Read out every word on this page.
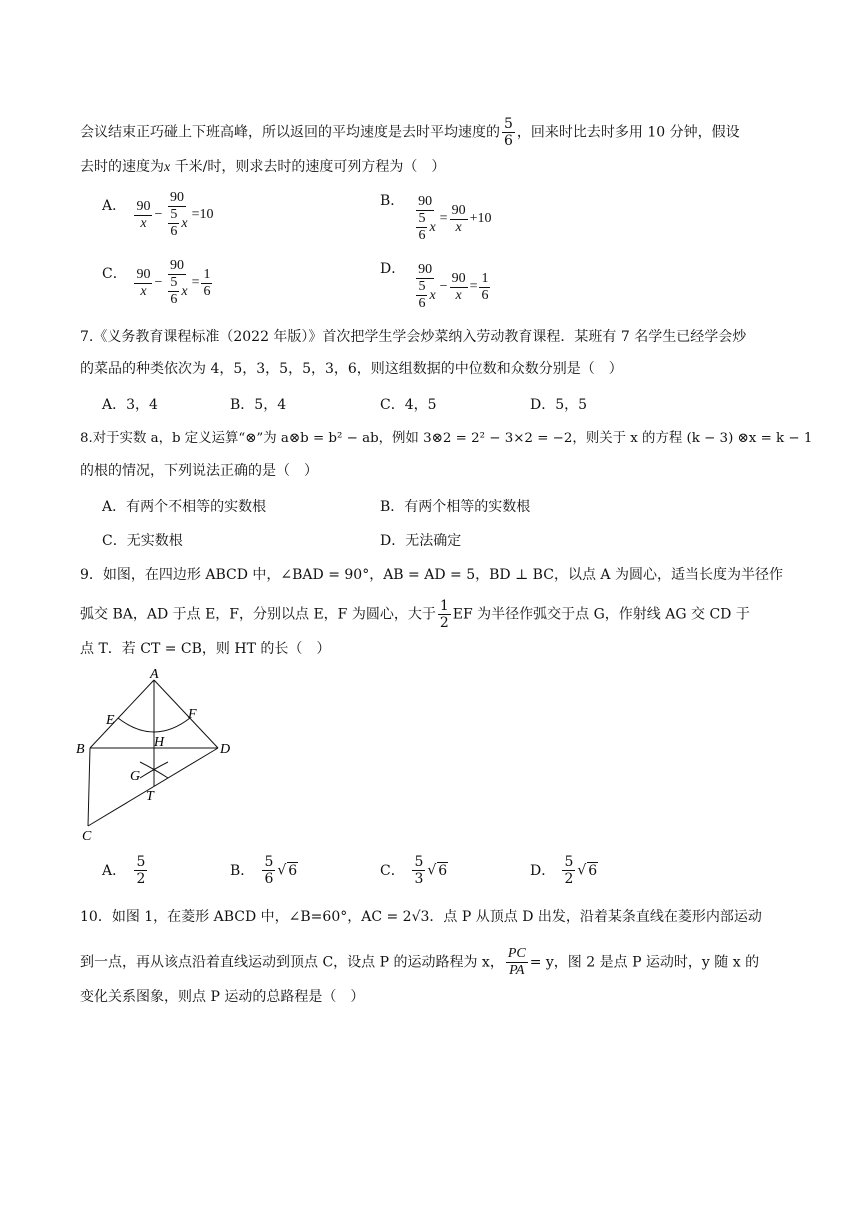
会议结束正巧碰上下班高峰，所以返回的平均速度是去时平均速度的 $\frac{5}{6}$ ，回来时比去时多用 10 分钟，假设
去时的速度为x 千米/时，则求去时的速度可列方程为（　）
A． $\frac{90}{x} - \frac{90}{\frac{5}{6} x} =10$
B． $\frac{90}{\frac{5}{6} x} = \frac{90}{x} +10$
C． $\frac{90}{x} - \frac{90}{\frac{5}{6} x} = \frac{1}{6}$	D． $\frac{90}{\frac{5}{6} x} - \frac{90}{x} = \frac{1}{6}$
7.《义务教育课程标准（2022 年版）》首次把学生学会炒菜纳入劳动教育课程．某班有 7 名学生已经学会炒
的菜品的种类依次为 4，5，3，5，5，3，6，则这组数据的中位数和众数分别是（　）
A．3，4	B．5，4	C．4，5	D．5，5
8.对于实数 a，b 定义运算“⊗”为 a⊗b = b² − ab，例如 3⊗2 = 2² − 3×2 = −2，则关于 x 的方程 (k − 3) ⊗x = k − 1
的根的情况，下列说法正确的是（　）
A．有两个不相等的实数根	B．有两个相等的实数根
C．无实数根	D．无法确定
9．如图，在四边形 ABCD 中，∠BAD = 90°，AB = AD = 5，BD ⊥ BC，以点 A 为圆心，适当长度为半径作
弧交 BA，AD 于点 E，F，分别以点 E，F 为圆心，大于 $\frac{1}{2}$ EF 为半径作弧交于点 G，作射线 AG 交 CD 于
点 T．若 CT = CB，则 HT 的长（　）
A
B
C
D
E	F
G
H
T
A． $\frac{5}{2}$	B． $\frac{5}{6}$ √ 6	C． $\frac{5}{3}$ √ 6	D． $\frac{5}{2}$ √ 6
10．如图 1，在菱形 ABCD 中，∠B=60°，AC = 2√3．点 P 从顶点 D 出发，沿着某条直线在菱形内部运动
到一点，再从该点沿着直线运动到顶点 C，设点 P 的运动路程为 x， $\frac{PC}{PA} = y$，图 2 是点 P 运动时，y 随 x 的
变化关系图象，则点 P 运动的总路程是（　）
